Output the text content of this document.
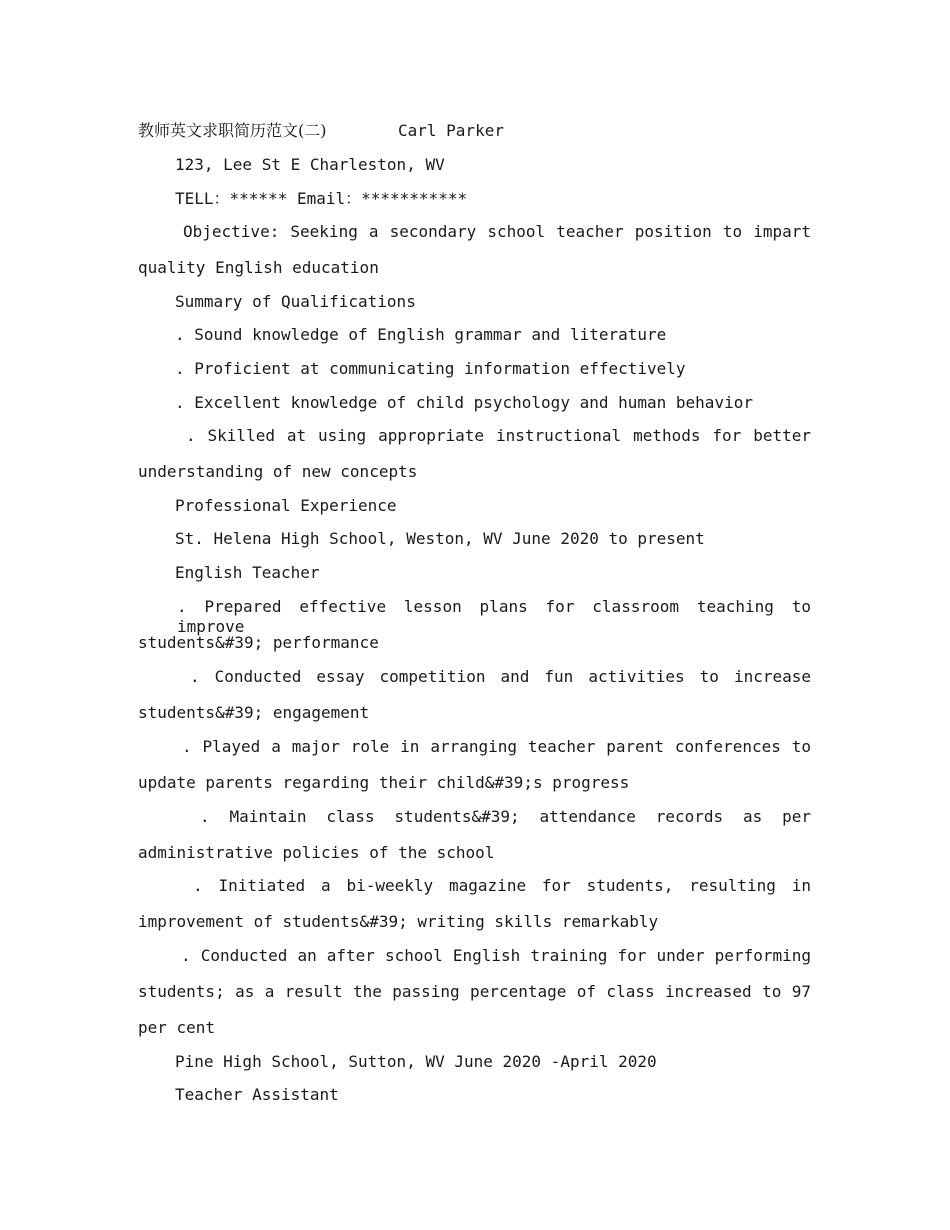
教师英文求职简历范文(二)	Carl Parker
123, Lee St E Charleston, WV
TELL：****** Email：***********
Objective: Seeking a secondary school teacher position to impart
quality English education
Summary of Qualifications
. Sound knowledge of English grammar and literature
. Proficient at communicating information effectively
. Excellent knowledge of child psychology and human behavior
. Skilled at using appropriate instructional methods for better
understanding of new concepts
Professional Experience
St. Helena High School, Weston, WV June 2020 to present
English Teacher
. Prepared effective lesson plans for classroom teaching to improve
students&#39; performance
. Conducted essay competition and fun activities to increase
students&#39; engagement
. Played a major role in arranging teacher parent conferences to
update parents regarding their child&#39;s progress
. Maintain class students&#39; attendance records as per
administrative policies of the school
. Initiated a bi-weekly magazine for students, resulting in
improvement of students&#39; writing skills remarkably
. Conducted an after school English training for under performing
students; as a result the passing percentage of class increased to 97
per cent
Pine High School, Sutton, WV June 2020 -April 2020
Teacher Assistant
